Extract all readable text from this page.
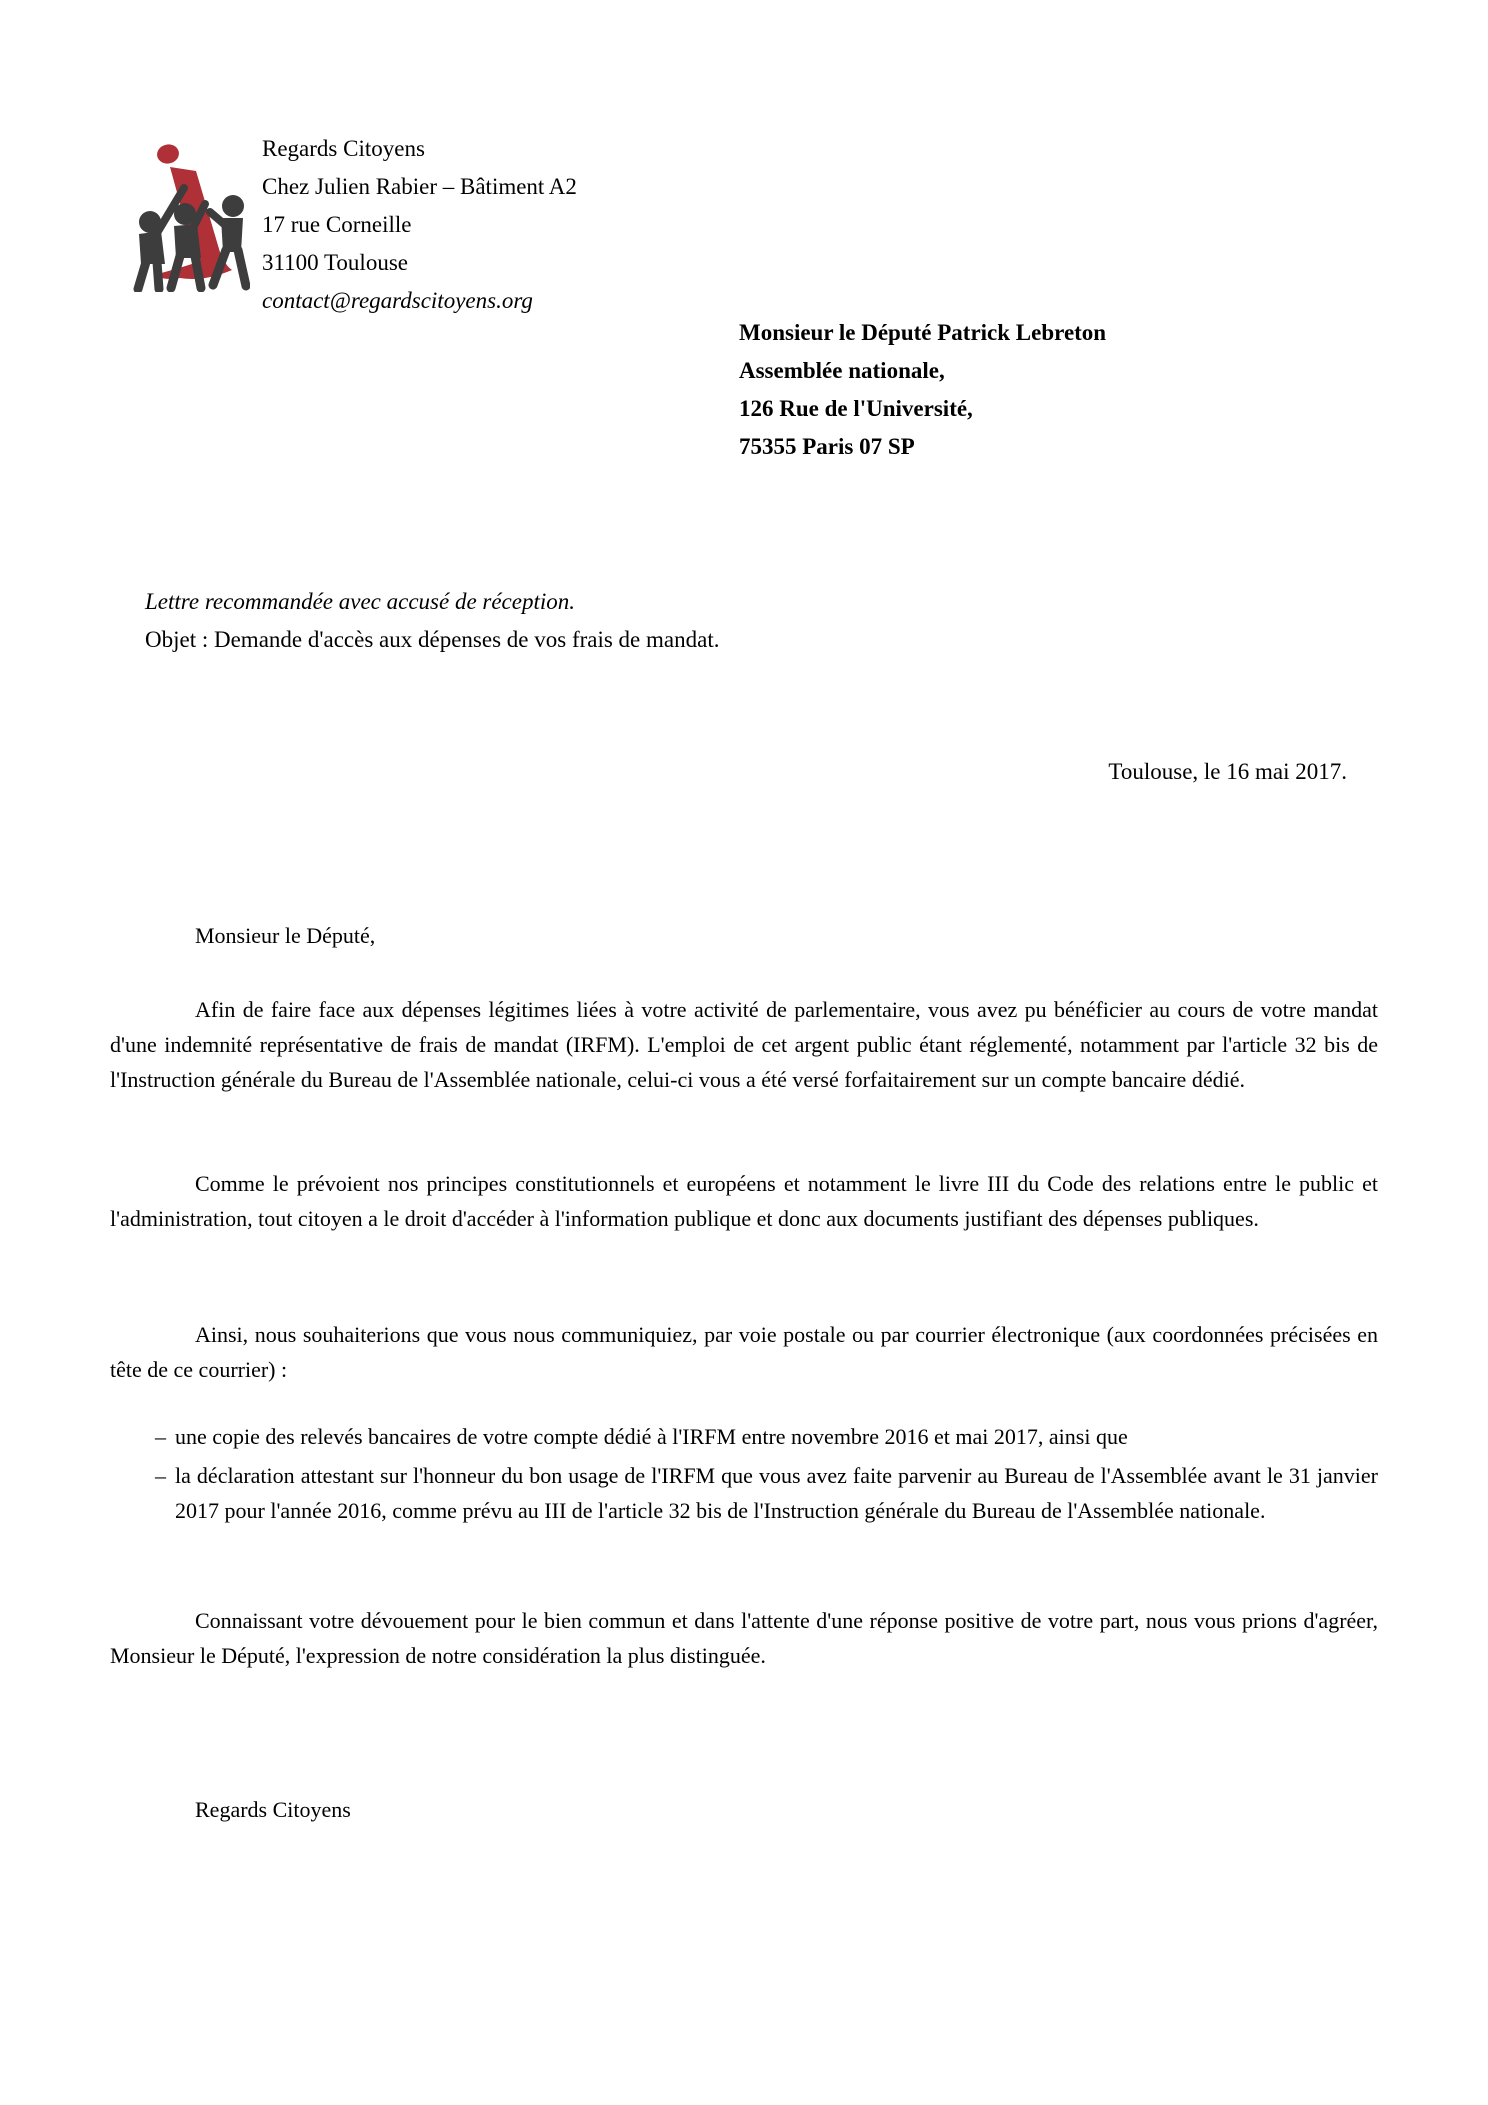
Regards Citoyens
Chez Julien Rabier – Bâtiment A2
17 rue Corneille
31100 Toulouse
contact@regardscitoyens.org
Monsieur le Député Patrick Lebreton
Assemblée nationale,
126 Rue de l'Université,
75355 Paris 07 SP
Lettre recommandée avec accusé de réception.
Objet : Demande d'accès aux dépenses de vos frais de mandat.
Toulouse, le 16 mai 2017.
Monsieur le Député,
Afin de faire face aux dépenses légitimes liées à votre activité de parlementaire, vous avez pu bénéficier au cours de votre mandat d'une indemnité représentative de frais de mandat (IRFM). L'emploi de cet argent public étant réglementé, notamment par l'article 32 bis de l'Instruction générale du Bureau de l'Assemblée nationale, celui-ci vous a été versé forfaitairement sur un compte bancaire dédié.
Comme le prévoient nos principes constitutionnels et européens et notamment le livre III du Code des relations entre le public et l'administration, tout citoyen a le droit d'accéder à l'information publique et donc aux documents justifiant des dépenses publiques.
Ainsi, nous souhaiterions que vous nous communiquiez, par voie postale ou par courrier électronique (aux coordonnées précisées en tête de ce courrier) :
– une copie des relevés bancaires de votre compte dédié à l'IRFM entre novembre 2016 et mai 2017, ainsi que
– la déclaration attestant sur l'honneur du bon usage de l'IRFM que vous avez faite parvenir au Bureau de l'Assemblée avant le 31 janvier 2017 pour l'année 2016, comme prévu au III de l'article 32 bis de l'Instruction générale du Bureau de l'Assemblée nationale.
Connaissant votre dévouement pour le bien commun et dans l'attente d'une réponse positive de votre part, nous vous prions d'agréer, Monsieur le Député, l'expression de notre considération la plus distinguée.
Regards Citoyens
